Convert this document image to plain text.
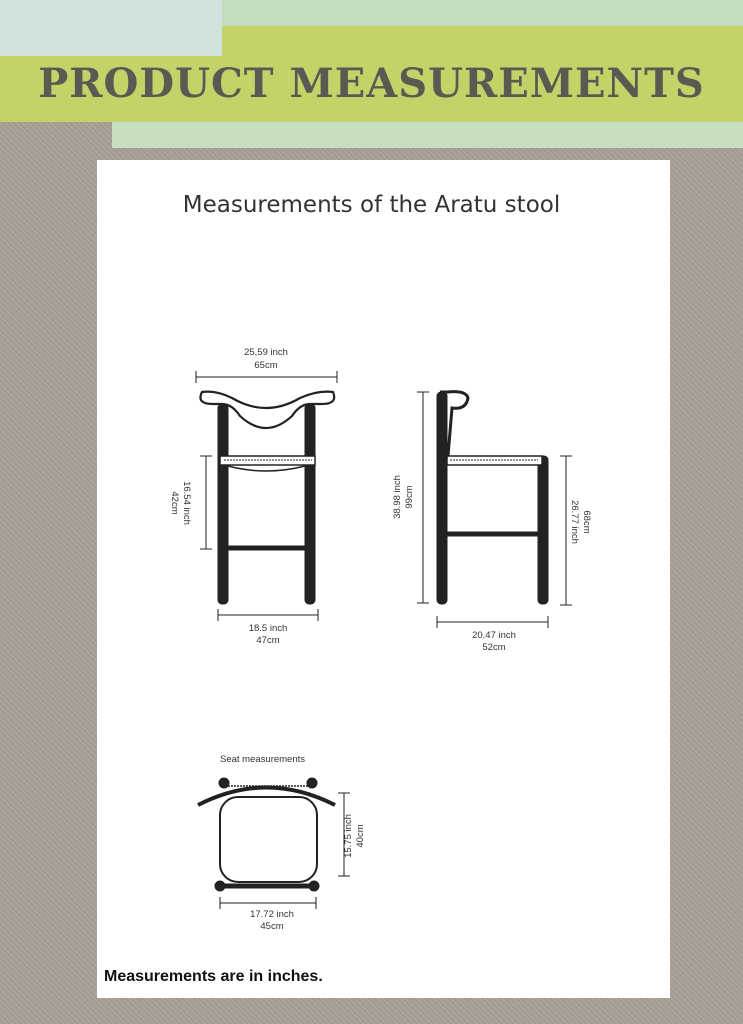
PRODUCT MEASUREMENTS

Measurements of the Aratu stool

25,59 inch
65cm
16.54 inch
42cm
18.5 inch
47cm
38.98 inch 99cm
26.77 inch 68cm
20.47 inch
52cm
Seat measurements
15.75 inch 40cm
17.72 inch
45cm
Measurements are in inches.
